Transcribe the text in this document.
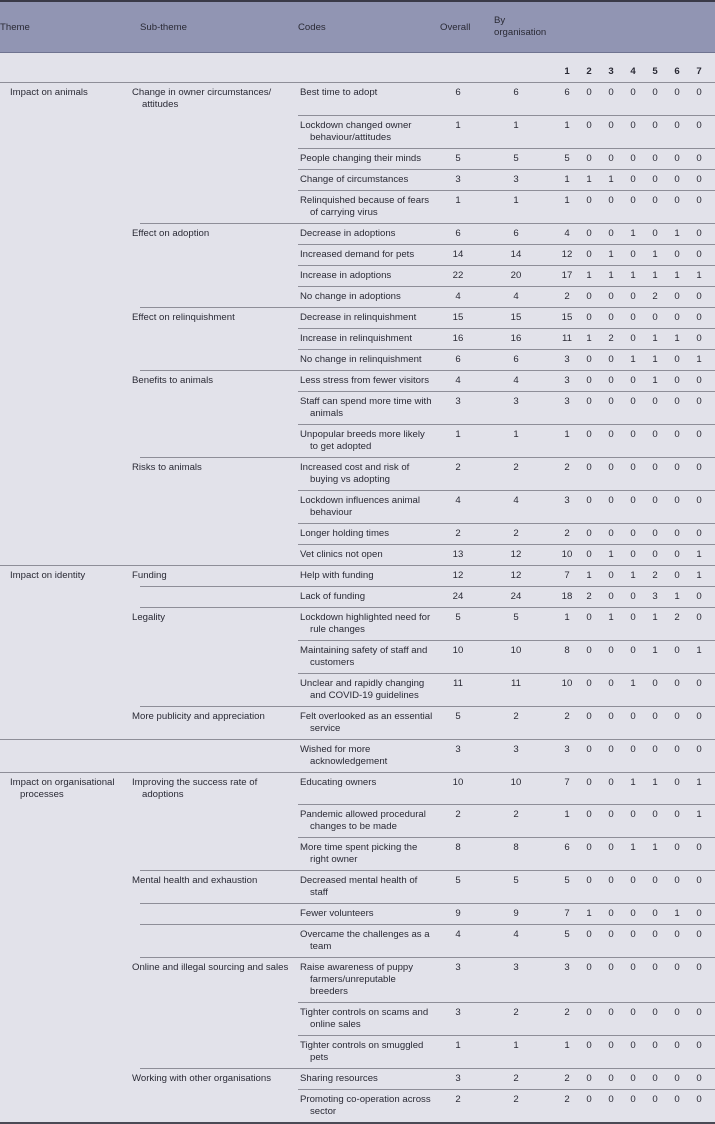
Theme	Sub-theme	Codes	Overall	By organisation								
					1	2	3	4	5	6	7	
Impact on animals	Change in owner circumstances/ attitudes	Best time to adopt	6	6	6	0	0	0	0	0	0	
		Lockdown changed owner behaviour/attitudes	1	1	1	0	0	0	0	0	0	
		People changing their minds	5	5	5	0	0	0	0	0	0	
		Change of circumstances	3	3	1	1	1	0	0	0	0	
		Relinquished because of fears of carrying virus	1	1	1	0	0	0	0	0	0	
	Effect on adoption	Decrease in adoptions	6	6	4	0	0	1	0	1	0	
		Increased demand for pets	14	14	12	0	1	0	1	0	0	
		Increase in adoptions	22	20	17	1	1	1	1	1	1	
		No change in adoptions	4	4	2	0	0	0	2	0	0	
	Effect on relinquishment	Decrease in relinquishment	15	15	15	0	0	0	0	0	0	
		Increase in relinquishment	16	16	11	1	2	0	1	1	0	
		No change in relinquishment	6	6	3	0	0	1	1	0	1	
	Benefits to animals	Less stress from fewer visitors	4	4	3	0	0	0	1	0	0	
		Staff can spend more time with animals	3	3	3	0	0	0	0	0	0	
		Unpopular breeds more likely to get adopted	1	1	1	0	0	0	0	0	0	
	Risks to animals	Increased cost and risk of buying vs adopting	2	2	2	0	0	0	0	0	0	
		Lockdown influences animal behaviour	4	4	3	0	0	0	0	0	0	
		Longer holding times	2	2	2	0	0	0	0	0	0	
		Vet clinics not open	13	12	10	0	1	0	0	0	1	
Impact on identity	Funding	Help with funding	12	12	7	1	0	1	2	0	1	
		Lack of funding	24	24	18	2	0	0	3	1	0	
	Legality	Lockdown highlighted need for rule changes	5	5	1	0	1	0	1	2	0	
		Maintaining safety of staff and customers	10	10	8	0	0	0	1	0	1	
		Unclear and rapidly changing and COVID-19 guidelines	11	11	10	0	0	1	0	0	0	
	More publicity and appreciation	Felt overlooked as an essential service	5	2	2	0	0	0	0	0	0	
		Wished for more acknowledgement	3	3	3	0	0	0	0	0	0	
Impact on organisational processes	Improving the success rate of adoptions	Educating owners	10	10	7	0	0	1	1	0	1	
		Pandemic allowed procedural changes to be made	2	2	1	0	0	0	0	0	1	
		More time spent picking the right owner	8	8	6	0	0	1	1	0	0	
	Mental health and exhaustion	Decreased mental health of staff	5	5	5	0	0	0	0	0	0	
		Fewer volunteers	9	9	7	1	0	0	0	1	0	
		Overcame the challenges as a team	4	4	5	0	0	0	0	0	0	
	Online and illegal sourcing and sales	Raise awareness of puppy farmers/unreputable breeders	3	3	3	0	0	0	0	0	0	
		Tighter controls on scams and online sales	3	2	2	0	0	0	0	0	0	
		Tighter controls on smuggled pets	1	1	1	0	0	0	0	0	0	
	Working with other organisations	Sharing resources	3	2	2	0	0	0	0	0	0	
		Promoting co-operation across sector	2	2	2	0	0	0	0	0	0	
